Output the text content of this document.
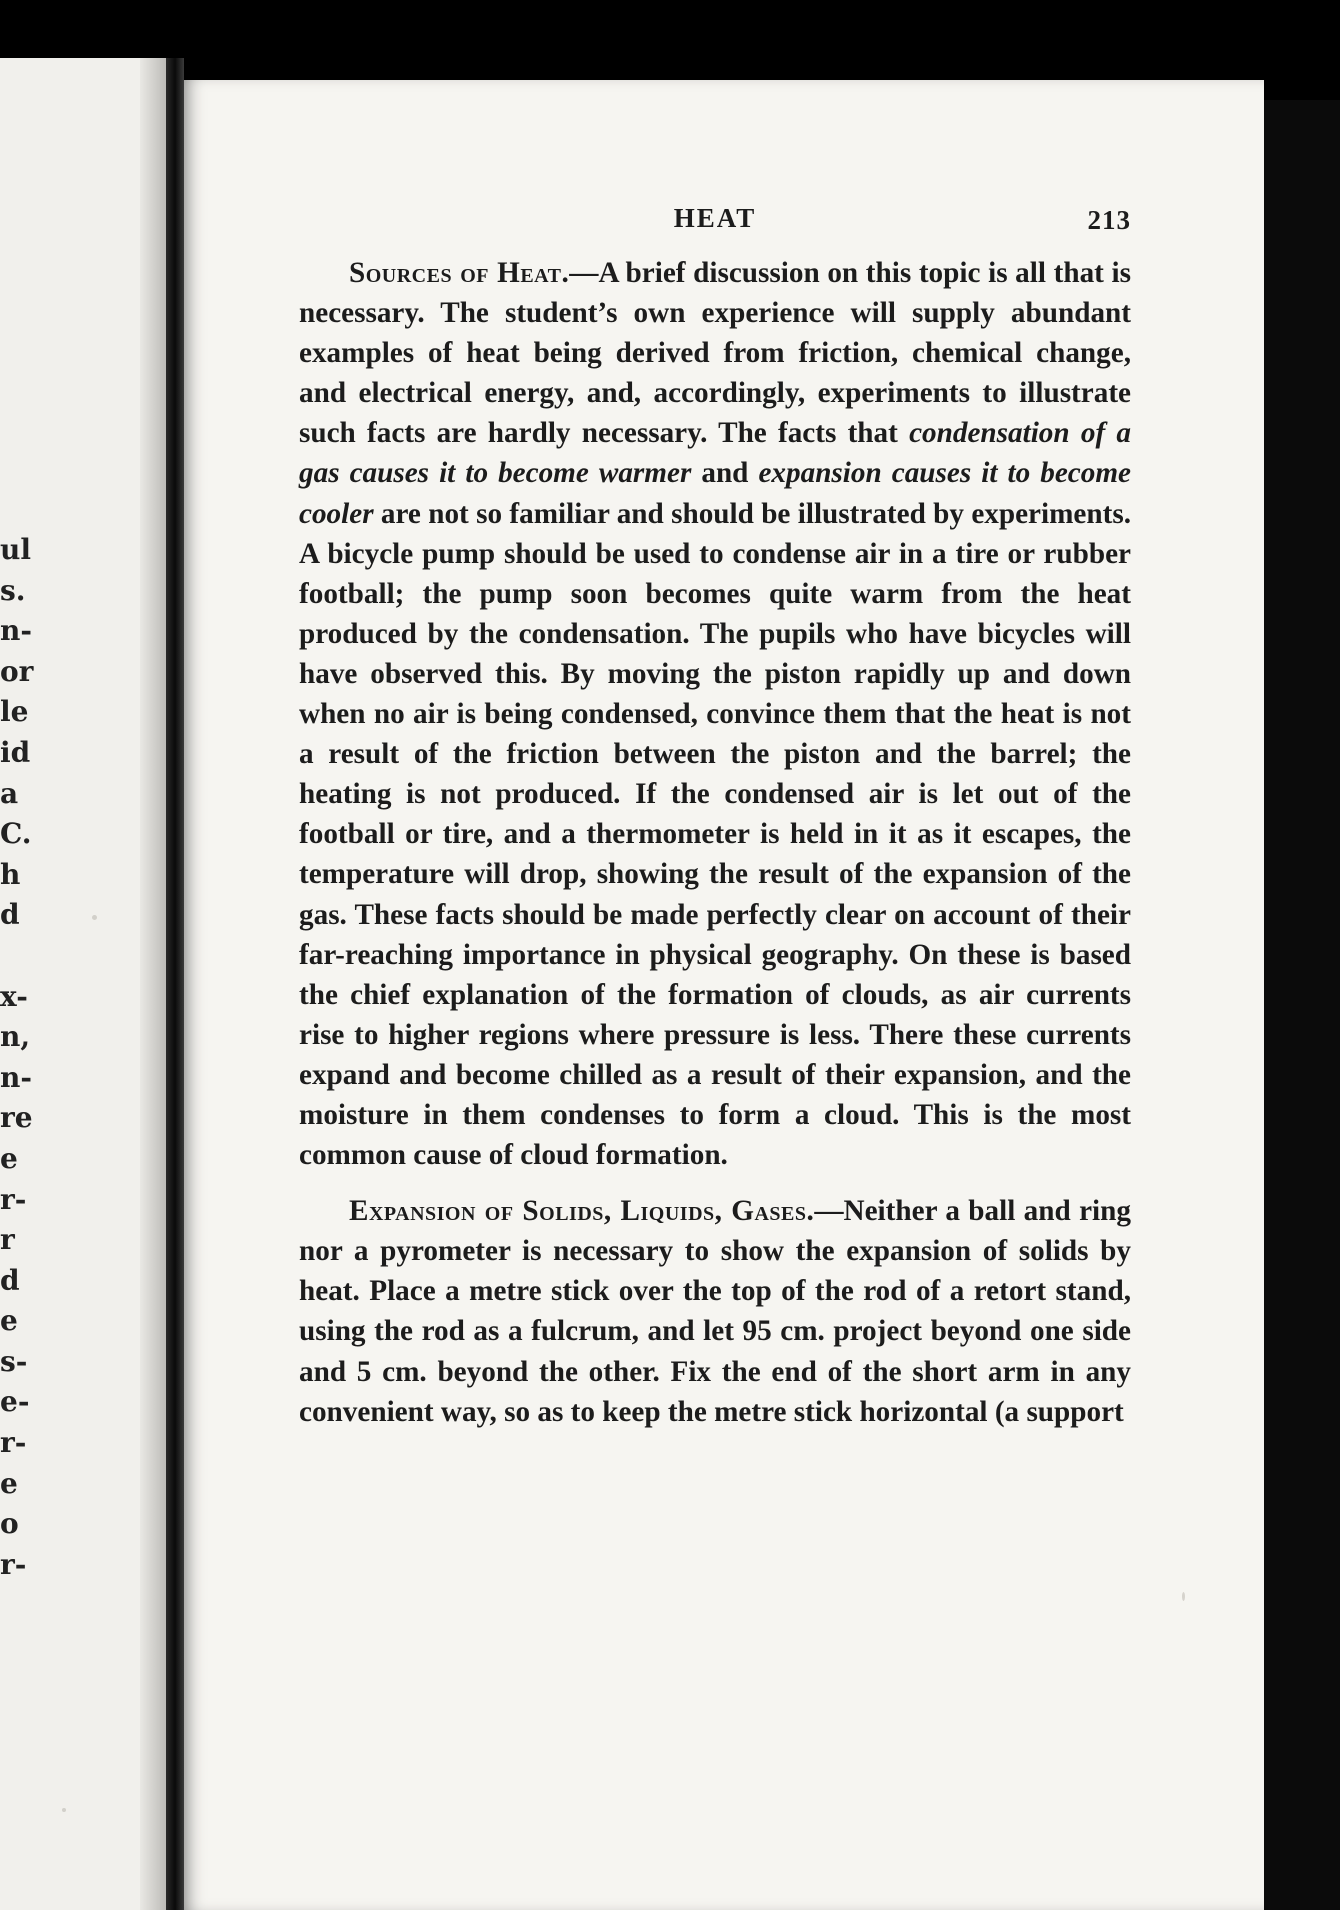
ul
s.
n-
or
le
id
a
C.
h
d
x-
n,
n-
re
e
r-
r
d
e
s-
e-
r-
e
o
r-
HEAT	213

Sources of Heat.—A brief discussion on this topic is all that is necessary. The student’s own experience will supply abundant examples of heat being derived from friction, chemical change, and electrical energy, and, accordingly, experiments to illustrate such facts are hardly necessary. The facts that condensation of a gas causes it to become warmer and expansion causes it to become cooler are not so familiar and should be illustrated by experiments. A bicycle pump should be used to condense air in a tire or rubber football; the pump soon becomes quite warm from the heat produced by the condensation. The pupils who have bicycles will have observed this. By moving the piston rapidly up and down when no air is being condensed, convince them that the heat is not a result of the friction between the piston and the barrel; the heating is not produced. If the condensed air is let out of the football or tire, and a thermometer is held in it as it escapes, the temperature will drop, showing the result of the expansion of the gas. These facts should be made perfectly clear on account of their far-reaching importance in physical geography. On these is based the chief explanation of the formation of clouds, as air currents rise to higher regions where pressure is less. There these currents expand and become chilled as a result of their expansion, and the moisture in them condenses to form a cloud. This is the most common cause of cloud formation.

Expansion of Solids, Liquids, Gases.—Neither a ball and ring nor a pyrometer is necessary to show the expansion of solids by heat. Place a metre stick over the top of the rod of a retort stand, using the rod as a fulcrum, and let 95 cm. project beyond one side and 5 cm. beyond the other. Fix the end of the short arm in any convenient way, so as to keep the metre stick horizontal (a support
